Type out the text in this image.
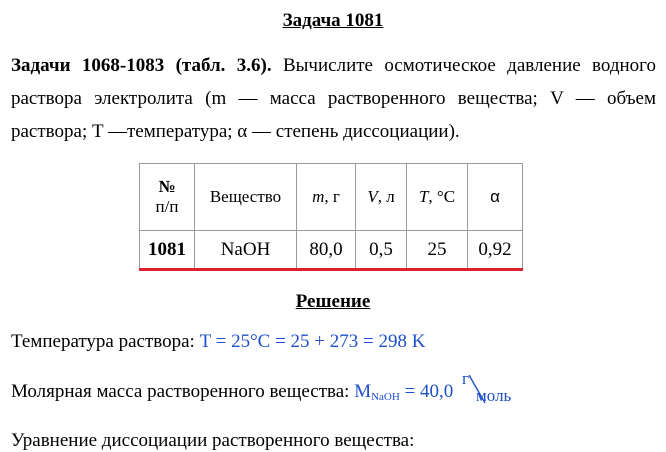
Задача 1081
Задачи 1068-1083 (табл. 3.6). Вычислите осмотическое давление водного раствора электролита (m — масса растворенного вещества; V — объем раствора; T —температура; α — степень диссоциации).
№
п/п	Вещество	m, г	V, л	T, °C	α
1081	NaOH	80,0	0,5	25	0,92
Решение
Температура раствора: T = 25°C = 25 + 273 = 298 K
Молярная масса растворенного вещества: $M_{NaOH} = 40,0$
г
моль
Уравнение диссоциации растворенного вещества:
